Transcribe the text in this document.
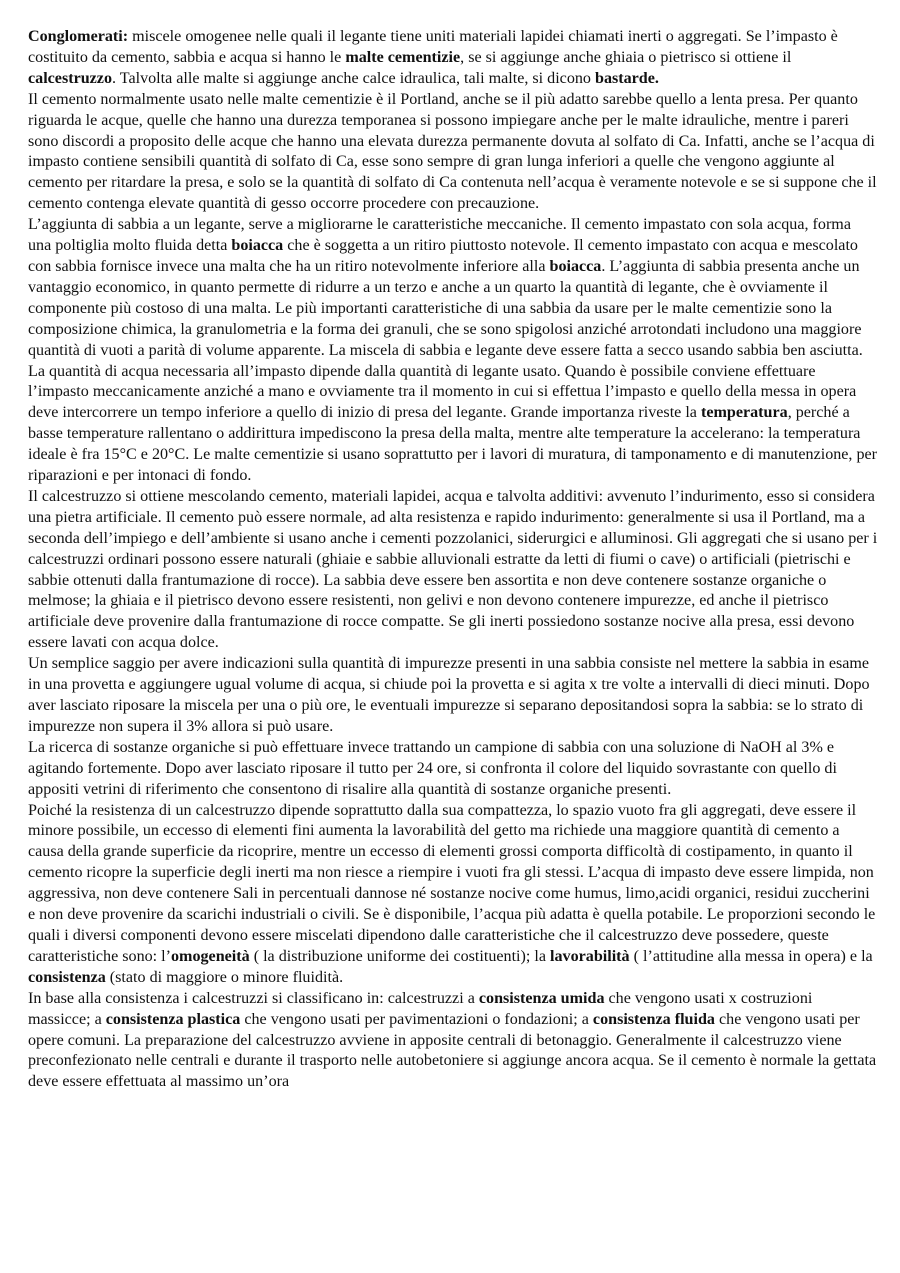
Conglomerati: miscele omogenee nelle quali il legante tiene uniti materiali lapidei chiamati inerti o aggregati. Se l’impasto è costituito da cemento, sabbia e acqua si hanno le malte cementizie, se si aggiunge anche ghiaia o pietrisco si ottiene il calcestruzzo. Talvolta alle malte si aggiunge anche calce idraulica, tali malte, si dicono bastarde.

Il cemento normalmente usato nelle malte cementizie è il Portland, anche se il più adatto sarebbe quello a lenta presa. Per quanto riguarda le acque, quelle che hanno una durezza temporanea si possono impiegare anche per le malte idrauliche, mentre i pareri sono discordi a proposito delle acque che hanno una elevata durezza permanente dovuta al solfato di Ca. Infatti, anche se l’acqua di impasto contiene sensibili quantità di solfato di Ca, esse sono sempre di gran lunga inferiori a quelle che vengono aggiunte al cemento per ritardare la presa, e solo se la quantità di solfato di Ca contenuta nell’acqua è veramente notevole e se si suppone che il cemento contenga elevate quantità di gesso occorre procedere con precauzione.

L’aggiunta di sabbia a un legante, serve a migliorarne le caratteristiche meccaniche. Il cemento impastato con sola acqua, forma una poltiglia molto fluida detta boiacca che è soggetta a un ritiro piuttosto notevole. Il cemento impastato con acqua e mescolato con sabbia fornisce invece una malta che ha un ritiro notevolmente inferiore alla boiacca. L’aggiunta di sabbia presenta anche un vantaggio economico, in quanto permette di ridurre a un terzo e anche a un quarto la quantità di legante, che è ovviamente il componente più costoso di una malta. Le più importanti caratteristiche di una sabbia da usare per le malte cementizie sono la composizione chimica, la granulometria e la forma dei granuli, che se sono spigolosi anziché arrotondati includono una maggiore quantità di vuoti a parità di volume apparente. La miscela di sabbia e legante deve essere fatta a secco usando sabbia ben asciutta. La quantità di acqua necessaria all’impasto dipende dalla quantità di legante usato. Quando è possibile conviene effettuare l’impasto meccanicamente anziché a mano e ovviamente tra il momento in cui si effettua l’impasto e quello della messa in opera deve intercorrere un tempo inferiore a quello di inizio di presa del legante. Grande importanza riveste la temperatura, perché a basse temperature rallentano o addirittura impediscono la presa della malta, mentre alte temperature la accelerano: la temperatura ideale è fra 15°C e 20°C. Le malte cementizie si usano soprattutto per i lavori di muratura, di tamponamento e di manutenzione, per riparazioni e per intonaci di fondo.

Il calcestruzzo si ottiene mescolando cemento, materiali lapidei, acqua e talvolta additivi: avvenuto l’indurimento, esso si considera una pietra artificiale. Il cemento può essere normale, ad alta resistenza e rapido indurimento: generalmente si usa il Portland, ma a seconda dell’impiego e dell’ambiente si usano anche i cementi pozzolanici, siderurgici e alluminosi. Gli aggregati che si usano per i calcestruzzi ordinari possono essere naturali (ghiaie e sabbie alluvionali estratte da letti di fiumi o cave) o artificiali (pietrischi e sabbie ottenuti dalla frantumazione di rocce). La sabbia deve essere ben assortita e non deve contenere sostanze organiche o melmose; la ghiaia e il pietrisco devono essere resistenti, non gelivi e non devono contenere impurezze, ed anche il pietrisco artificiale deve provenire dalla frantumazione di rocce compatte. Se gli inerti possiedono sostanze nocive alla presa, essi devono essere lavati con acqua dolce.

Un semplice saggio per avere indicazioni sulla quantità di impurezze presenti in una sabbia consiste nel mettere la sabbia in esame in una provetta e aggiungere ugual volume di acqua, si chiude poi la provetta e si agita x tre volte a intervalli di dieci minuti. Dopo aver lasciato riposare la miscela per una o più ore, le eventuali impurezze si separano depositandosi sopra la sabbia: se lo strato di impurezze non supera il 3% allora si può usare.

La ricerca di sostanze organiche si può effettuare invece trattando un campione di sabbia con una soluzione di NaOH al 3% e agitando fortemente. Dopo aver lasciato riposare il tutto per 24 ore, si confronta il colore del liquido sovrastante con quello di appositi vetrini di riferimento che consentono di risalire alla quantità di sostanze organiche presenti.

Poiché la resistenza di un calcestruzzo dipende soprattutto dalla sua compattezza, lo spazio vuoto fra gli aggregati, deve essere il minore possibile, un eccesso di elementi fini aumenta la lavorabilità del getto ma richiede una maggiore quantità di cemento a causa della grande superficie da ricoprire, mentre un eccesso di elementi grossi comporta difficoltà di costipamento, in quanto il cemento ricopre la superficie degli inerti ma non riesce a riempire i vuoti fra gli stessi. L’acqua di impasto deve essere limpida, non aggressiva, non deve contenere Sali in percentuali dannose né sostanze nocive come humus, limo,acidi organici, residui zuccherini e non deve provenire da scarichi industriali o civili. Se è disponibile, l’acqua più adatta è quella potabile. Le proporzioni secondo le quali i diversi componenti devono essere miscelati dipendono dalle caratteristiche che il calcestruzzo deve possedere, queste caratteristiche sono: l’omogeneità ( la distribuzione uniforme dei costituenti); la lavorabilità ( l’attitudine alla messa in opera) e la consistenza (stato di maggiore o minore fluidità.

In base alla consistenza i calcestruzzi si classificano in: calcestruzzi a consistenza umida che vengono usati x costruzioni massicce; a consistenza plastica che vengono usati per pavimentazioni o fondazioni; a consistenza fluida che vengono usati per opere comuni. La preparazione del calcestruzzo avviene in apposite centrali di betonaggio. Generalmente il calcestruzzo viene preconfezionato nelle centrali e durante il trasporto nelle autobetoniere si aggiunge ancora acqua. Se il cemento è normale la gettata deve essere effettuata al massimo un’ora
